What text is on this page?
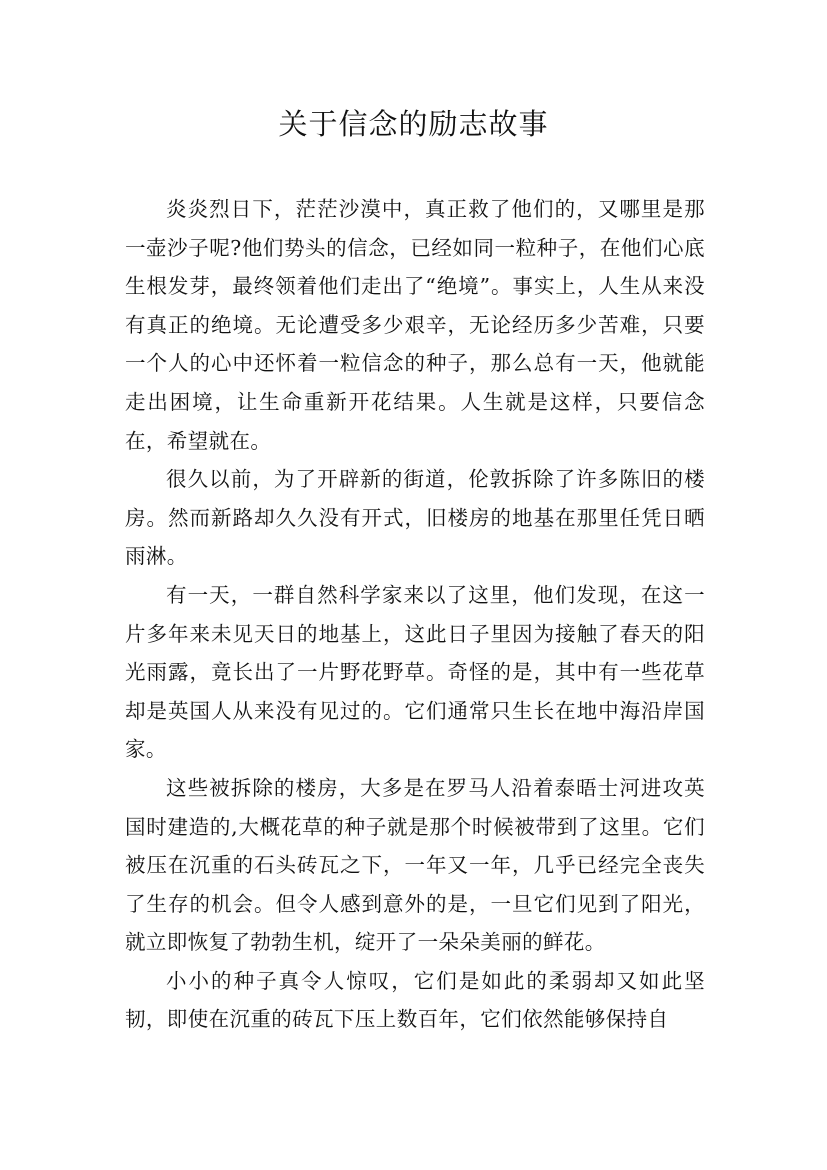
关于信念的励志故事

炎炎烈日下，茫茫沙漠中，真正救了他们的，又哪里是那一壶沙子呢?他们势头的信念，已经如同一粒种子，在他们心底生根发芽，最终领着他们走出了“绝境”。事实上，人生从来没有真正的绝境。无论遭受多少艰辛，无论经历多少苦难，只要一个人的心中还怀着一粒信念的种子，那么总有一天，他就能走出困境，让生命重新开花结果。人生就是这样，只要信念在，希望就在。

很久以前，为了开辟新的街道，伦敦拆除了许多陈旧的楼房。然而新路却久久没有开式，旧楼房的地基在那里任凭日晒雨淋。

有一天，一群自然科学家来以了这里，他们发现，在这一片多年来未见天日的地基上，这此日子里因为接触了春天的阳光雨露，竟长出了一片野花野草。奇怪的是，其中有一些花草却是英国人从来没有见过的。它们通常只生长在地中海沿岸国家。

这些被拆除的楼房，大多是在罗马人沿着泰晤士河进攻英国时建造的,大概花草的种子就是那个时候被带到了这里。它们被压在沉重的石头砖瓦之下，一年又一年，几乎已经完全丧失了生存的机会。但令人感到意外的是，一旦它们见到了阳光，就立即恢复了勃勃生机，绽开了一朵朵美丽的鲜花。

小小的种子真令人惊叹，它们是如此的柔弱却又如此坚韧，即使在沉重的砖瓦下压上数百年，它们依然能够保持自
